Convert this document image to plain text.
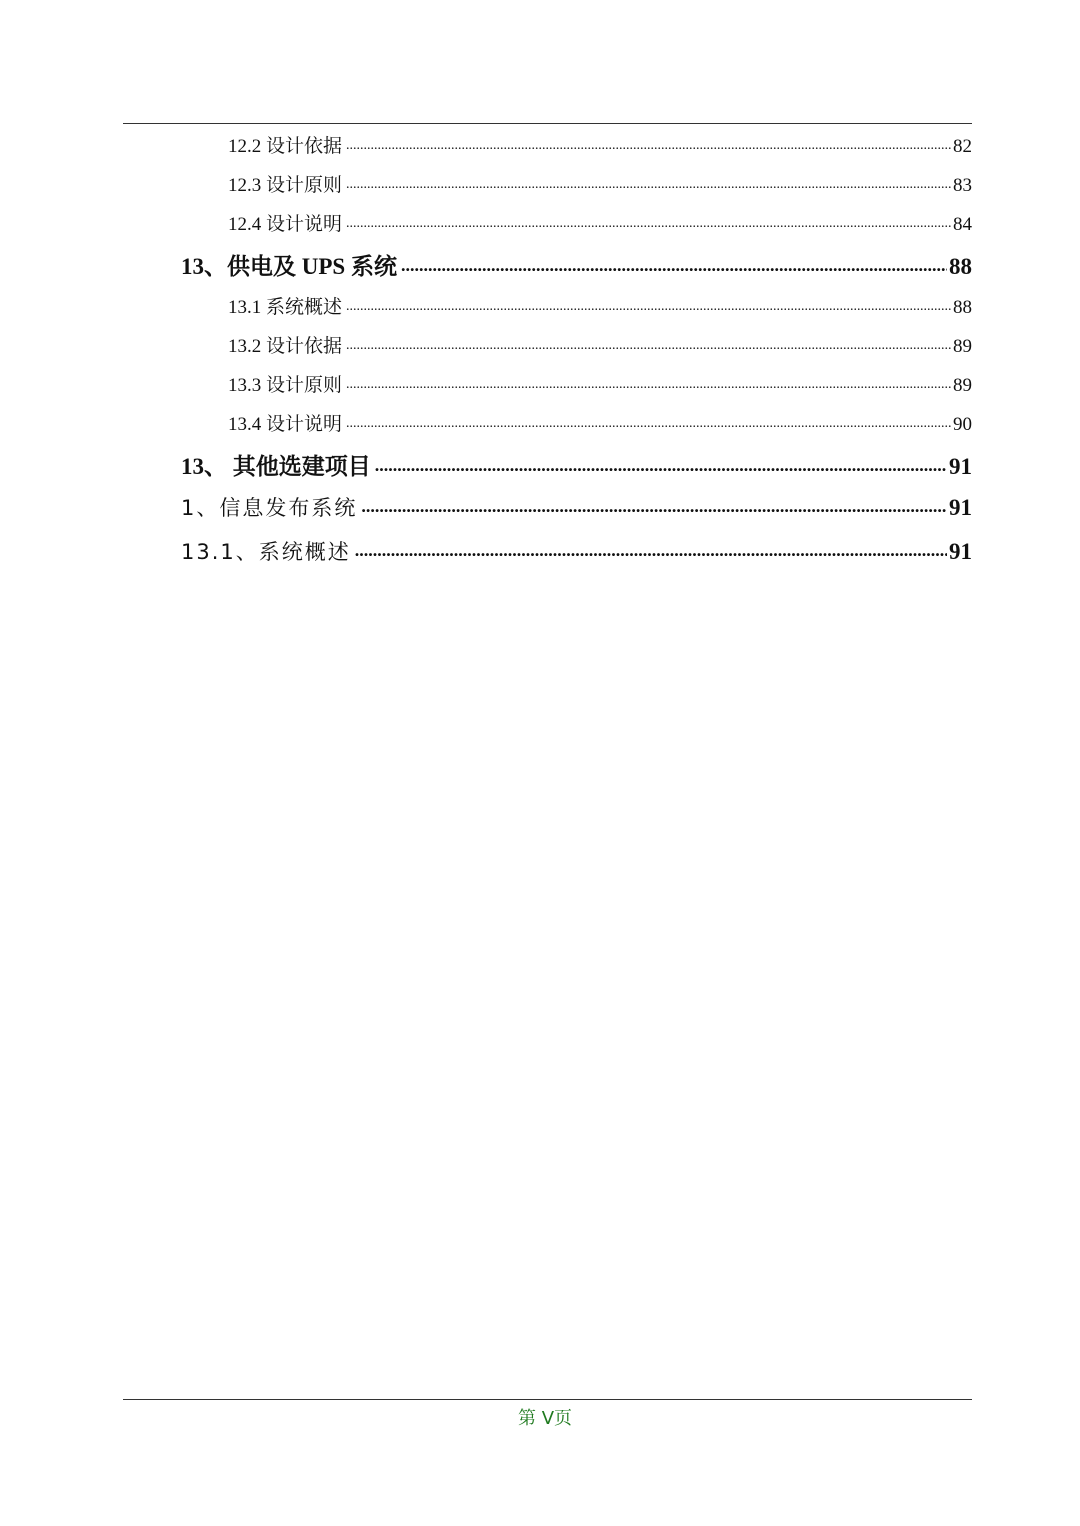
12.2 设计依据 .....	82
12.3 设计原则 .....	83
12.4 设计说明 .....	84
13、供电及 UPS 系统 .....	88
13.1 系统概述 .....	88
13.2 设计依据 .....	89
13.3 设计原则 .....	89
13.4 设计说明 .....	90
13、 其他选建项目 .....	91
1、信息发布系统 .....	91
13.1、系统概述 .....	91
第 V页
